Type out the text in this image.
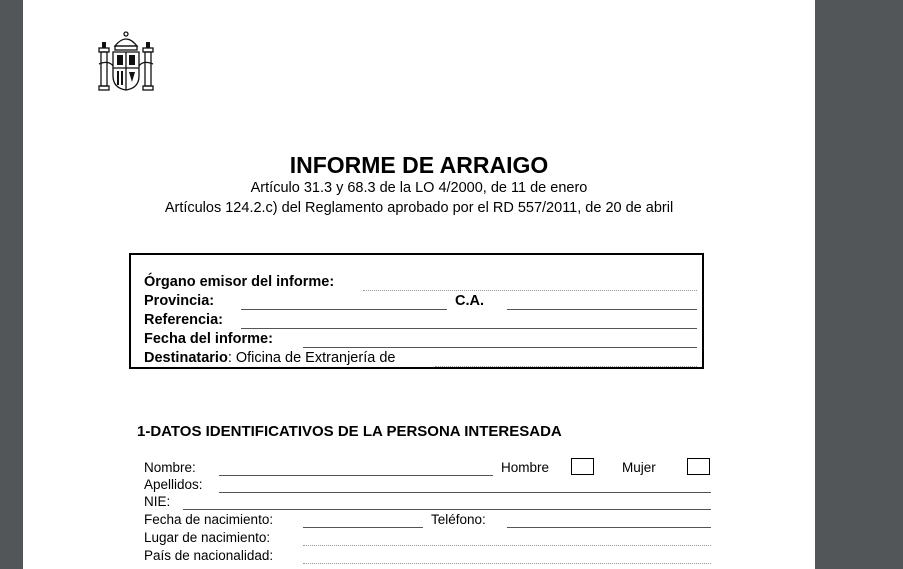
INFORME DE ARRAIGO
Artículo 31.3 y 68.3 de la LO 4/2000, de 11 de enero
Artículos 124.2.c) del Reglamento aprobado por el RD 557/2011, de 20 de abril
Órgano emisor del informe:
Provincia:	C.A.
Referencia:
Fecha del informe:
Destinatario: Oficina de Extranjería de
1-DATOS IDENTIFICATIVOS DE LA PERSONA INTERESADA
Nombre:	Hombre	Mujer
Apellidos:
NIE:
Fecha de nacimiento:	Teléfono:
Lugar de nacimiento:
País de nacionalidad:
